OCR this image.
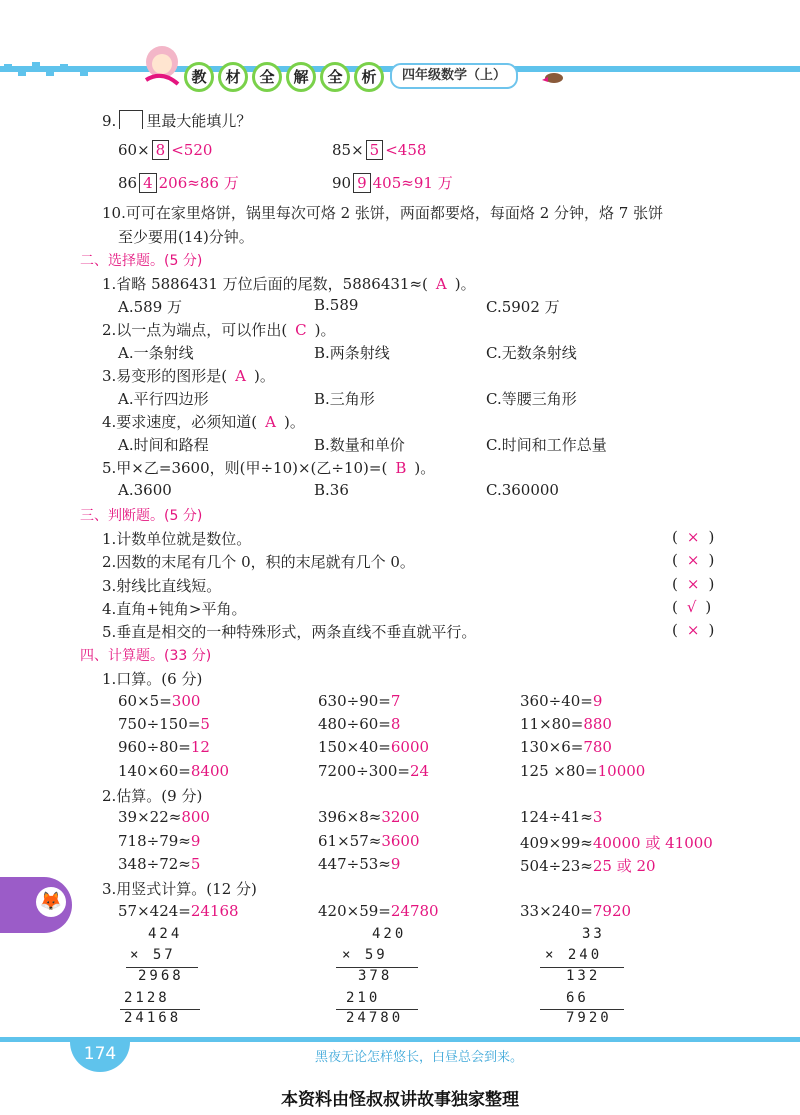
教	材	全	解	全	析	四年级数学（上）
9. 里最大能填儿？
60× 8 <520	85× 5 <458
86 4 206≈86 万	90 9 405≈91 万
10.可可在家里烙饼，锅里每次可烙 2 张饼，两面都要烙，每面烙 2 分钟，烙 7 张饼
至少要用(14)分钟。
二、选择题。(5 分)
1.省略 5886431 万位后面的尾数，5886431≈( A )。
A.589 万	B.589	C.5902 万
2.以一点为端点，可以作出( C )。
A.一条射线	B.两条射线	C.无数条射线
3.易变形的图形是( A )。
A.平行四边形	B.三角形	C.等腰三角形
4.要求速度，必须知道( A )。
A.时间和路程	B.数量和单价	C.时间和工作总量
5.甲×乙=3600，则(甲÷10)×(乙÷10)=( B )。
A.3600	B.36	C.360000
三、判断题。(5 分)
1.计数单位就是数位。	( × )
2.因数的末尾有几个 0，积的末尾就有几个 0。	( × )
3.射线比直线短。	( × )
4.直角+钝角>平角。	( √ )
5.垂直是相交的一种特殊形式，两条直线不垂直就平行。	( × )
四、计算题。(33 分)
1.口算。(6 分)
60×5=300	630÷90=7	360÷40=9
750÷150=5	480÷60=8	11×80=880
960÷80=12	150×40=6000	130×6=780
140×60=8400	7200÷300=24	125 ×80=10000
2.估算。(9 分)
39×22≈800	396×8≈3200	124÷41≈3
718÷79≈9	61×57≈3600	409×99≈40000 或 41000
348÷72≈5	447÷53≈9	504÷23≈25 或 20
3.用竖式计算。(12 分)
57×424=24168	420×59=24780	33×240=7920
424
× 57
2968
2128
24168
420
× 59
378
210
24780
33
× 240
132
66
7920
🦊
174	黑夜无论怎样悠长，白昼总会到来。
本资料由怪叔叔讲故事独家整理
